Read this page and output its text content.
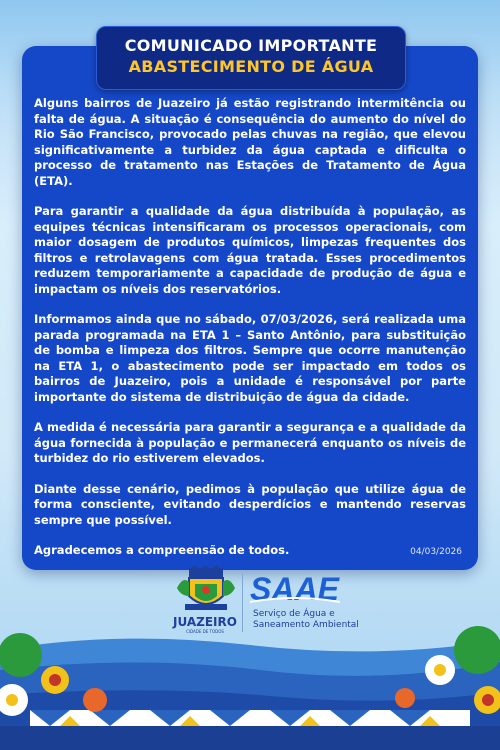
COMUNICADO IMPORTANTE
ABASTECIMENTO DE ÁGUA

Alguns bairros de Juazeiro já estão registrando intermitência ou falta de água. A situação é consequência do aumento do nível do Rio São Francisco, provocado pelas chuvas na região, que elevou significativamente a turbidez da água captada e dificulta o processo de tratamento nas Estações de Tratamento de Água (ETA).

Para garantir a qualidade da água distribuída à população, as equipes técnicas intensificaram os processos operacionais, com maior dosagem de produtos químicos, limpezas frequentes dos filtros e retrolavagens com água tratada. Esses procedimentos reduzem temporariamente a capacidade de produção de água e impactam os níveis dos reservatórios.

Informamos ainda que no sábado, 07/03/2026, será realizada uma parada programada na ETA 1 – Santo Antônio, para substituição de bomba e limpeza dos filtros. Sempre que ocorre manutenção na ETA 1, o abastecimento pode ser impactado em todos os bairros de Juazeiro, pois a unidade é responsável por parte importante do sistema de distribuição de água da cidade.

A medida é necessária para garantir a segurança e a qualidade da água fornecida à população e permanecerá enquanto os níveis de turbidez do rio estiverem elevados.

Diante desse cenário, pedimos à população que utilize água de forma consciente, evitando desperdícios e mantendo reservas sempre que possível.

Agradecemos a compreensão de todos.	04/03/2026
JUAZEIRO
CIDADE DE TODOS
SAAE
Serviço de Água e
Saneamento Ambiental
